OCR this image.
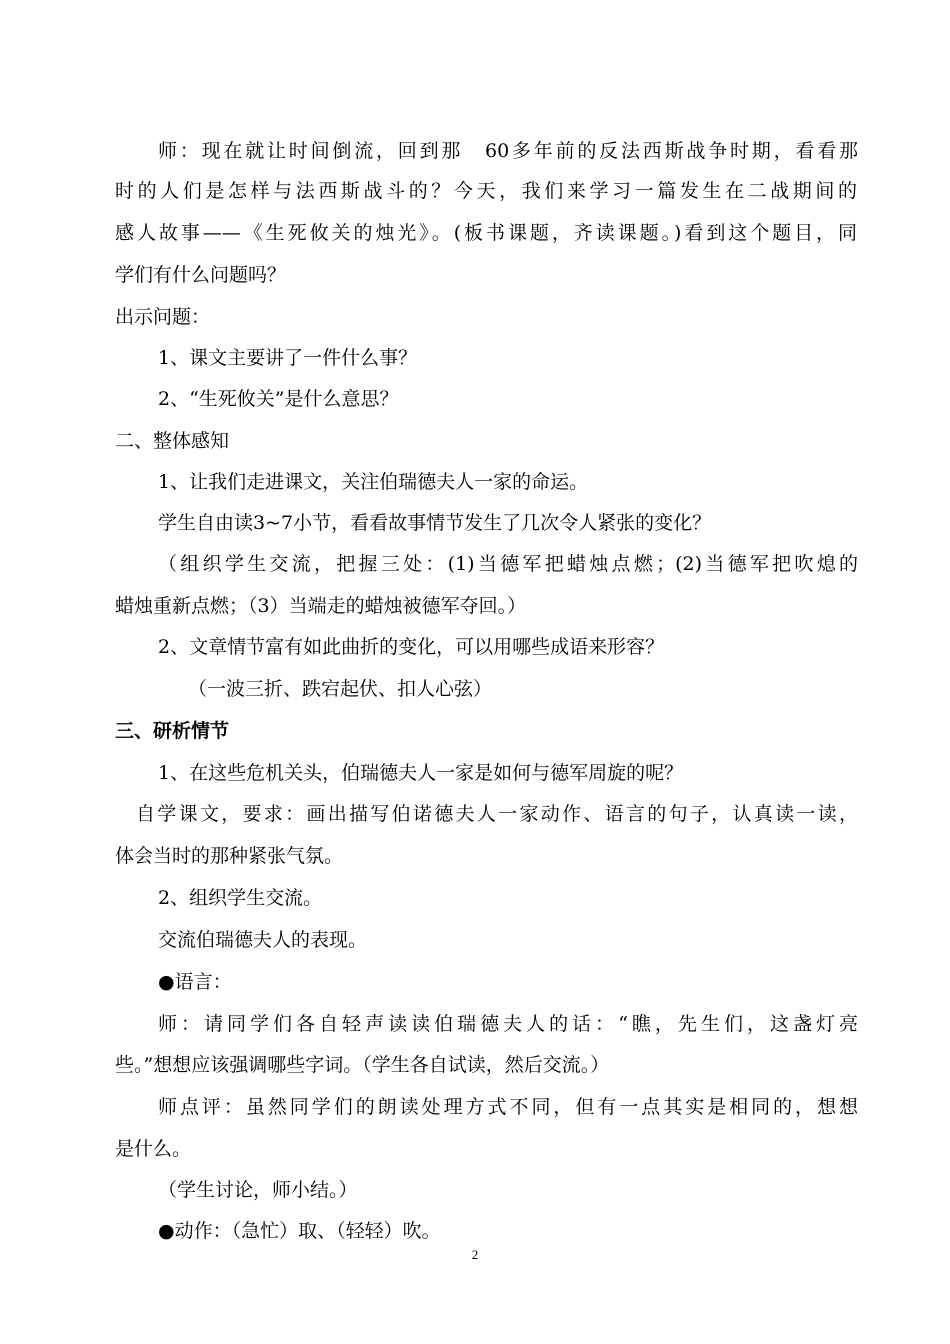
师：现在就让时间倒流，回到那　60多年前的反法西斯战争时期，看看那
时的人们是怎样与法西斯战斗的？今天，我们来学习一篇发生在二战期间的
感人故事——《生死攸关的烛光》。(板书课题，齐读课题。)看到这个题目，同
学们有什么问题吗？
出示问题：
1、课文主要讲了一件什么事？
2、“生死攸关”是什么意思？
二、整体感知
1、让我们走进课文，关注伯瑞德夫人一家的命运。
学生自由读3~7小节，看看故事情节发生了几次令人紧张的变化？
（组织学生交流，把握三处：(1)当德军把蜡烛点燃；(2)当德军把吹熄的
蜡烛重新点燃；（3）当端走的蜡烛被德军夺回。）
2、文章情节富有如此曲折的变化，可以用哪些成语来形容？
（一波三折、跌宕起伏、扣人心弦）
三、研析情节
1、在这些危机关头，伯瑞德夫人一家是如何与德军周旋的呢？
自学课文，要求：画出描写伯诺德夫人一家动作、语言的句子，认真读一读，
体会当时的那种紧张气氛。
2、组织学生交流。
交流伯瑞德夫人的表现。
●语言：
师：请同学们各自轻声读读伯瑞德夫人的话：“瞧，先生们，这盏灯亮
些。”想想应该强调哪些字词。（学生各自试读，然后交流。）
师点评：虽然同学们的朗读处理方式不同，但有一点其实是相同的，想想
是什么。
（学生讨论，师小结。）
●动作：（急忙）取、（轻轻）吹。
2
